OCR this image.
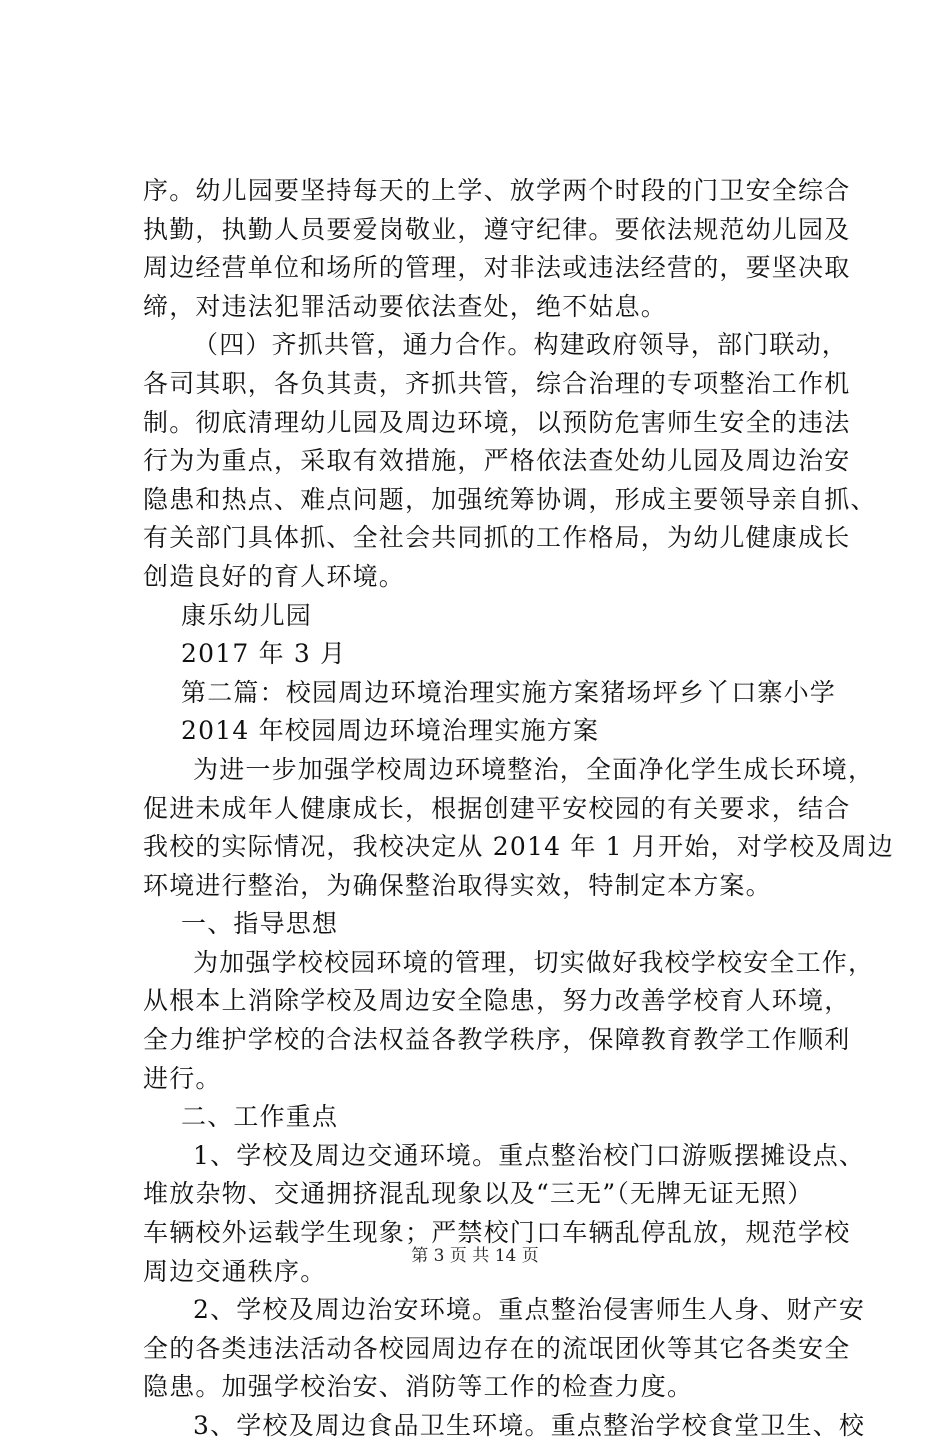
序。幼儿园要坚持每天的上学、放学两个时段的门卫安全综合

执勤，执勤人员要爱岗敬业，遵守纪律。要依法规范幼儿园及

周边经营单位和场所的管理，对非法或违法经营的，要坚决取

缔，对违法犯罪活动要依法查处，绝不姑息。

（四）齐抓共管，通力合作。构建政府领导，部门联动，

各司其职，各负其责，齐抓共管，综合治理的专项整治工作机

制。彻底清理幼儿园及周边环境，以预防危害师生安全的违法

行为为重点，采取有效措施，严格依法查处幼儿园及周边治安

隐患和热点、难点问题，加强统筹协调，形成主要领导亲自抓、

有关部门具体抓、全社会共同抓的工作格局，为幼儿健康成长

创造良好的育人环境。

康乐幼儿园

2017 年 3 月

第二篇：校园周边环境治理实施方案猪场坪乡丫口寨小学

2014 年校园周边环境治理实施方案

为进一步加强学校周边环境整治，全面净化学生成长环境，

促进未成年人健康成长，根据创建平安校园的有关要求，结合

我校的实际情况，我校决定从 2014 年 1 月开始，对学校及周边

环境进行整治，为确保整治取得实效，特制定本方案。

一、指导思想

为加强学校校园环境的管理，切实做好我校学校安全工作，

从根本上消除学校及周边安全隐患，努力改善学校育人环境，

全力维护学校的合法权益各教学秩序，保障教育教学工作顺利

进行。

二、工作重点

1、学校及周边交通环境。重点整治校门口游贩摆摊设点、

堆放杂物、交通拥挤混乱现象以及“三无”（无牌无证无照）

车辆校外运载学生现象；严禁校门口车辆乱停乱放，规范学校

周边交通秩序。

2、学校及周边治安环境。重点整治侵害师生人身、财产安

全的各类违法活动各校园周边存在的流氓团伙等其它各类安全

隐患。加强学校治安、消防等工作的检查力度。

3、学校及周边食品卫生环境。重点整治学校食堂卫生、校

第 3 页 共 14 页
